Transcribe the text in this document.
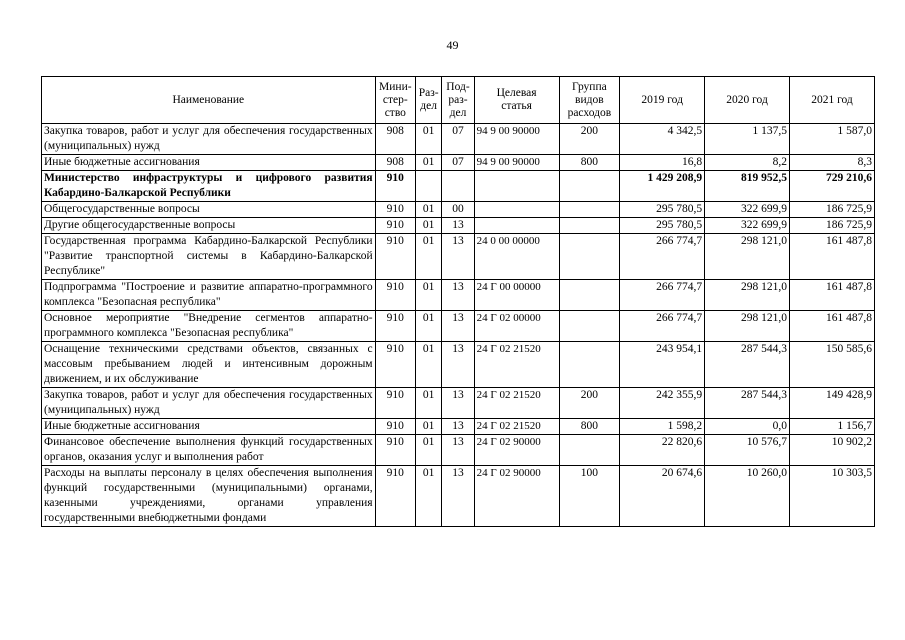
49
Наименование	Мини-
стер-
ство	Раз-
дел	Под-
раз-
дел	Целевая
статья	Группа
видов
расходов	2019 год	2020 год	2021 год
Закупка товаров, работ и услуг для обеспечения государственных (муниципальных) нужд	908	01	07	94 9 00 90000	200	4 342,5	1 137,5	1 587,0
Иные бюджетные ассигнования	908	01	07	94 9 00 90000	800	16,8	8,2	8,3
Министерство инфраструктуры и цифрового развития Кабардино-Балкарской Республики	910					1 429 208,9	819 952,5	729 210,6
Общегосударственные вопросы	910	01	00			295 780,5	322 699,9	186 725,9
Другие общегосударственные вопросы	910	01	13			295 780,5	322 699,9	186 725,9
Государственная программа Кабардино-Балкарской Республики "Развитие транспортной системы в Кабардино-Балкарской Республике"	910	01	13	24 0 00 00000		266 774,7	298 121,0	161 487,8
Подпрограмма "Построение и развитие аппаратно-программного комплекса "Безопасная республика"	910	01	13	24 Г 00 00000		266 774,7	298 121,0	161 487,8
Основное мероприятие "Внедрение сегментов аппаратно-программного комплекса "Безопасная республика"	910	01	13	24 Г 02 00000		266 774,7	298 121,0	161 487,8
Оснащение техническими средствами объектов, связанных с массовым пребыванием людей и интенсивным дорожным движением, и их обслуживание	910	01	13	24 Г 02 21520		243 954,1	287 544,3	150 585,6
Закупка товаров, работ и услуг для обеспечения государственных (муниципальных) нужд	910	01	13	24 Г 02 21520	200	242 355,9	287 544,3	149 428,9
Иные бюджетные ассигнования	910	01	13	24 Г 02 21520	800	1 598,2	0,0	1 156,7
Финансовое обеспечение выполнения функций государственных органов, оказания услуг и выполнения работ	910	01	13	24 Г 02 90000		22 820,6	10 576,7	10 902,2
Расходы на выплаты персоналу в целях обеспечения выполнения функций государственными (муниципальными) органами, казенными учреждениями, органами управления государственными внебюджетными фондами	910	01	13	24 Г 02 90000	100	20 674,6	10 260,0	10 303,5
